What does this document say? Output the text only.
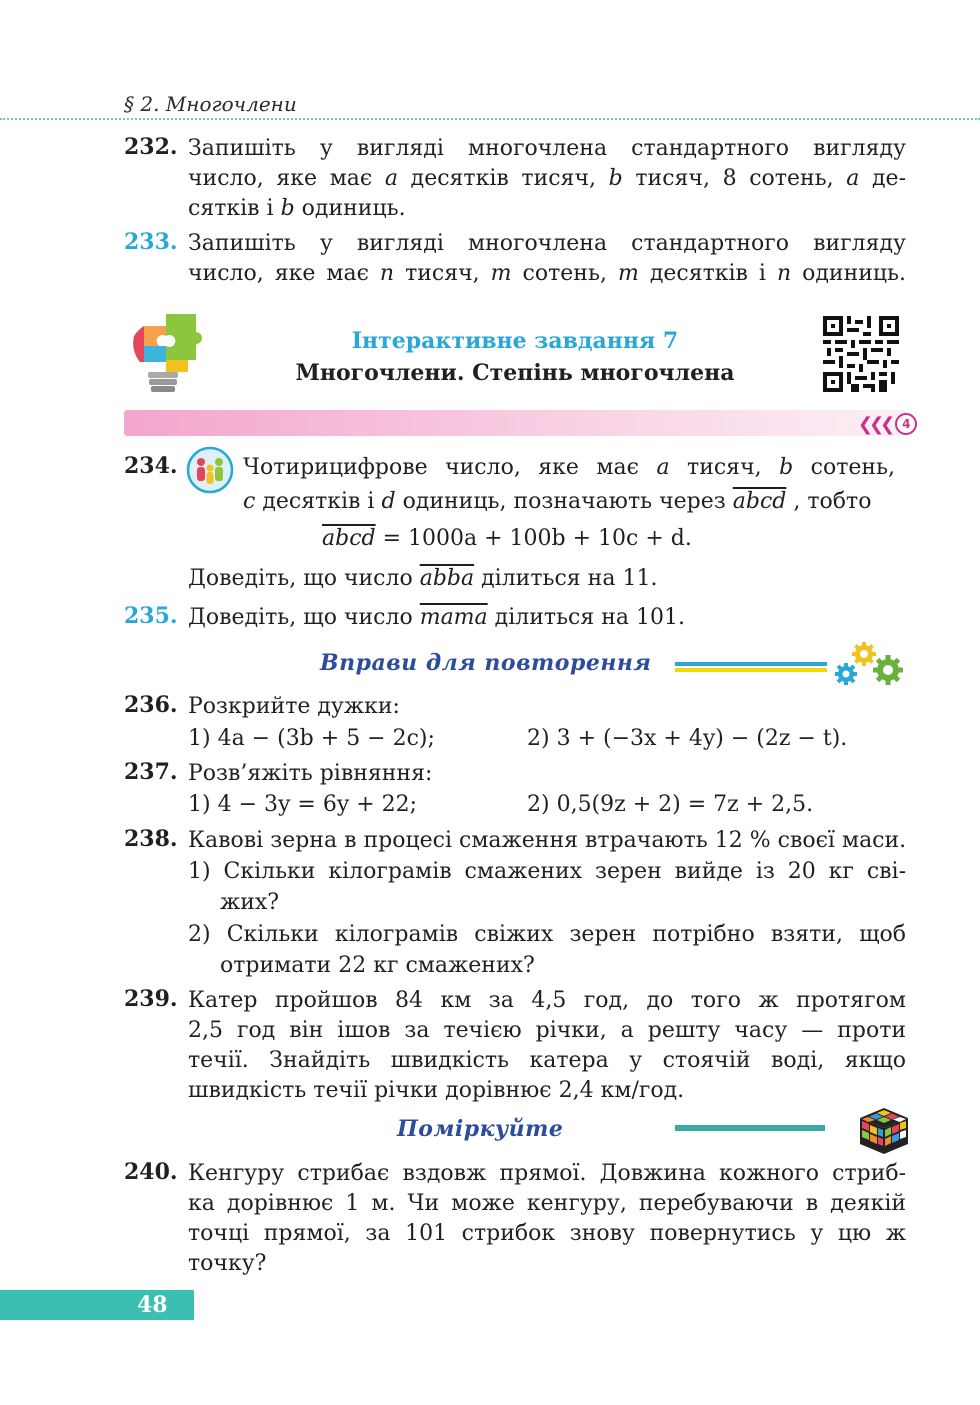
§ 2. Многочлени
232. Запишіть у вигляді многочлена стандартного вигляду
число, яке має a десятків тисяч, b тисяч, 8 сотень, a де-
сятків і b одиниць.
233. Запишіть у вигляді многочлена стандартного вигляду
число, яке має n тисяч, m сотень, m десятків і n одиниць.
Інтерактивне завдання 7
Многочлени. Степінь многочлена
❮❮❮ 4
234.	Чотирицифрове число, яке має a тисяч, b сотень,
c десятків і d одиниць, позначають через abcd , тобто
abcd = 1000a + 100b + 10c + d.
Доведіть, що число abba ділиться на 11.
235. Доведіть, що число mama ділиться на 101.
Вправи для повторення
236. Розкрийте дужки:
1) 4a − (3b + 5 − 2c);	2) 3 + (−3x + 4y) − (2z − t).
237. Розв’яжіть рівняння:
1) 4 − 3y = 6y + 22;	2) 0,5(9z + 2) = 7z + 2,5.
238. Кавові зерна в процесі смаження втрачають 12 % своєї маси.
1) Скільки кілограмів смажених зерен вийде із 20 кг сві-
жих?
2) Скільки кілограмів свіжих зерен потрібно взяти, щоб
отримати 22 кг смажених?
239. Катер пройшов 84 км за 4,5 год, до того ж протягом
2,5 год він ішов за течією річки, а решту часу — проти
течії. Знайдіть швидкість катера у стоячій воді, якщо
швидкість течії річки дорівнює 2,4 км/год.
Поміркуйте
240. Кенгуру стрибає вздовж прямої. Довжина кожного стриб-
ка дорівнює 1 м. Чи може кенгуру, перебуваючи в деякій
точці прямої, за 101 стрибок знову повернутись у цю ж
точку?
48
